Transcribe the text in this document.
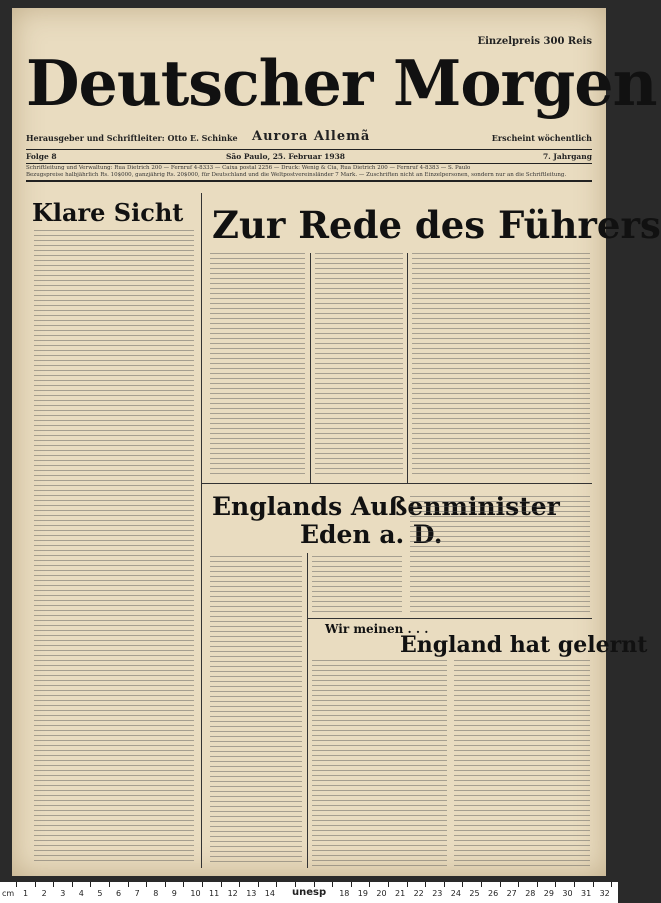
Einzelpreis 300 Reis
Deutscher Morgen
Herausgeber und Schriftleiter: Otto E. Schinke Aurora Allemã	Erscheint wöchentlich
Folge 8	São Paulo, 25. Februar 1938	7. Jahrgang
Schriftleitung und Verwaltung: Rua Dietrich 200 — Fernruf 4-8333 — Caixa postal 2256 — Druck: Wenig & Cia, Rua Dietrich 200 — Fernruf 4-8383 — S. Paulo
Bezugspreise halbjährlich Rs. 10$000, ganzjährig Rs. 20$000, für Deutschland und die Weltpostvereinsländer 7 Mark. — Zuschriften nicht an Einzelpersonen, sondern nur an die Schriftleitung.
Klare Sicht Zur Rede des Führers
Englands Außenminister
Eden a. D.
Wir meinen . . .
England hat gelernt
cm	unesp
1 2 3 4 5 6 7 8 9 10 11 12 13 14	18 19 20 21 22 23 24 25 26 27 28 29 30 31 32
